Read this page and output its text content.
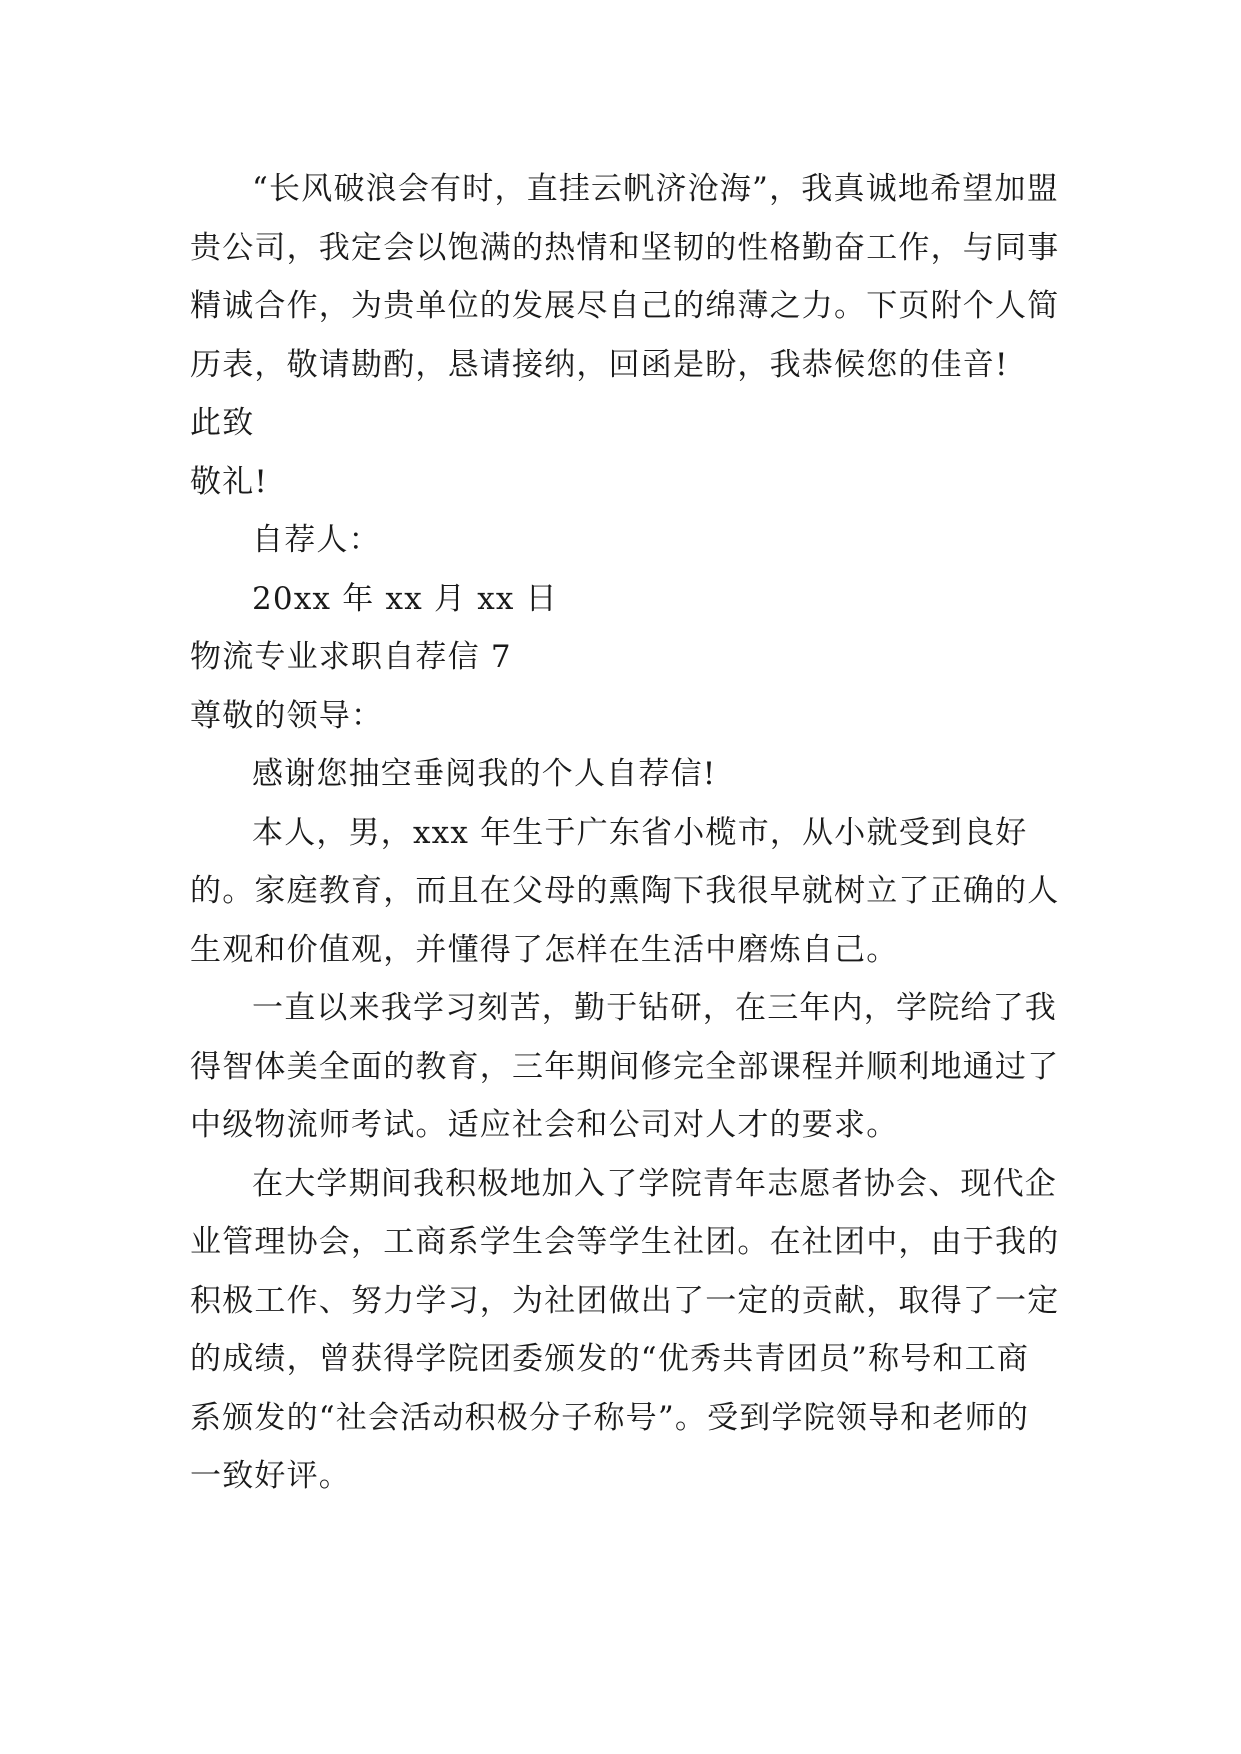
“长风破浪会有时，直挂云帆济沧海”，我真诚地希望加盟贵公司，我定会以饱满的热情和坚韧的性格勤奋工作，与同事精诚合作，为贵单位的发展尽自己的绵薄之力。下页附个人简历表，敬请勘酌，恳请接纳，回函是盼，我恭候您的佳音!

此致

敬礼!

自荐人：

20xx 年 xx 月 xx 日

物流专业求职自荐信 7

尊敬的领导：

感谢您抽空垂阅我的个人自荐信!

本人，男，xxx 年生于广东省小榄市，从小就受到良好的。家庭教育，而且在父母的熏陶下我很早就树立了正确的人生观和价值观，并懂得了怎样在生活中磨炼自己。

一直以来我学习刻苦，勤于钻研，在三年内，学院给了我得智体美全面的教育，三年期间修完全部课程并顺利地通过了中级物流师考试。适应社会和公司对人才的要求。

在大学期间我积极地加入了学院青年志愿者协会、现代企业管理协会，工商系学生会等学生社团。在社团中，由于我的积极工作、努力学习，为社团做出了一定的贡献，取得了一定的成绩，曾获得学院团委颁发的“优秀共青团员”称号和工商系颁发的“社会活动积极分子称号”。受到学院领导和老师的一致好评。
